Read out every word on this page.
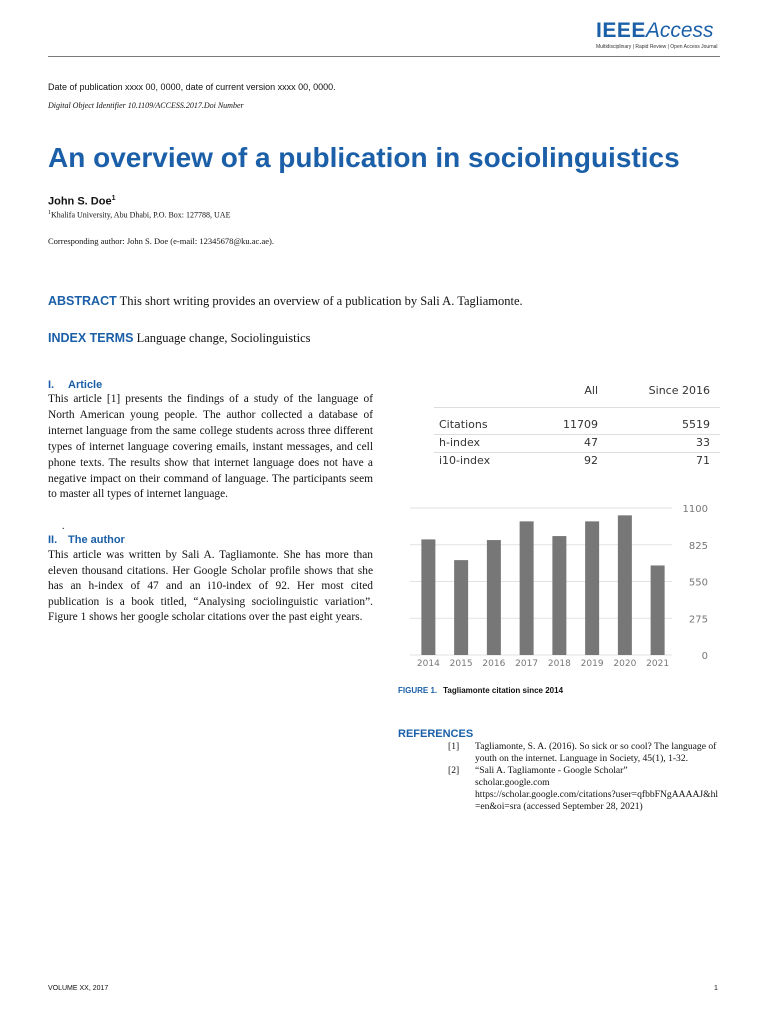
IEEEAccess
Multidisciplinary | Rapid Review | Open Access Journal
Date of publication xxxx 00, 0000, date of current version xxxx 00, 0000.
Digital Object Identifier 10.1109/ACCESS.2017.Doi Number
An overview of a publication in sociolinguistics
John S. Doe$^1$
$^1$Khalifa University, Abu Dhabi, P.O. Box: 127788, UAE
Corresponding author: John S. Doe (e-mail: 12345678@ku.ac.ae).
ABSTRACT This short writing provides an overview of a publication by Sali A. Tagliamonte.
INDEX TERMS Language change, Sociolinguistics
I. Article
This article [1] presents the findings of a study of the language of North American young people. The author collected a database of internet language from the same college students across three different types of internet language covering emails, instant messages, and cell phone texts. The results show that internet language does not have a negative impact on their command of language. The participants seem to master all types of internet language.
.
II. The author
This article was written by Sali A. Tagliamonte. She has more than eleven thousand citations. Her Google Scholar profile shows that she has an h-index of 47 and an i10-index of 92. Her most cited publication is a book titled, “Analysing sociolinguistic variation”. Figure 1 shows her google scholar citations over the past eight years.
All	Since 2016
Citations	11709	5519
h-index	47	33
i10-index	92	71
0
275
550
825
1100
2014 2015 2016 2017 2018 2019 2020 2021
FIGURE 1. Tagliamonte citation since 2014
REFERENCES
[1] Tagliamonte, S. A. (2016). So sick or so cool? The language of youth on the internet. Language in Society, 45(1), 1-32.
[2] “Sali A. Tagliamonte - Google Scholar”
scholar.google.com
https://scholar.google.com/citations?user=qfbbFNgAAAAJ&hl=en&oi=sra (accessed September 28, 2021)
VOLUME XX, 2017	1
